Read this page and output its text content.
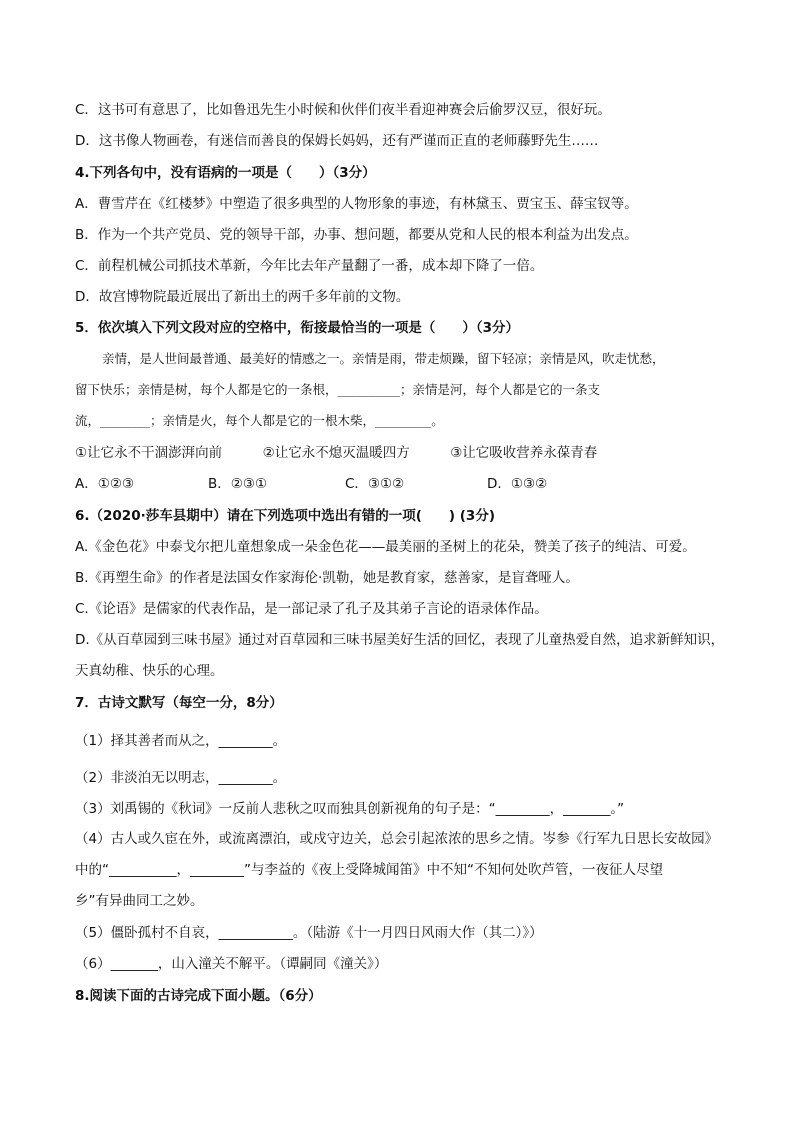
C．这书可有意思了，比如鲁迅先生小时候和伙伴们夜半看迎神赛会后偷罗汉豆，很好玩。
D．这书像人物画卷，有迷信而善良的保姆长妈妈，还有严谨而正直的老师藤野先生……
4.下列各句中，没有语病的一项是（　　）（3分）
A．曹雪芹在《红楼梦》中塑造了很多典型的人物形象的事迹，有林黛玉、贾宝玉、薛宝钗等。
B．作为一个共产党员、党的领导干部，办事、想问题，都要从党和人民的根本利益为出发点。
C．前程机械公司抓技术革新，今年比去年产量翻了一番，成本却下降了一倍。
D．故宫博物院最近展出了新出土的两千多年前的文物。
5．依次填入下列文段对应的空格中，衔接最恰当的一项是（　　）（3分）
亲情，是人世间最普通、最美好的情感之一。亲情是雨，带走烦躁，留下轻凉；亲情是风，吹走忧愁，
留下快乐；亲情是树，每个人都是它的一条根，__________；亲情是河，每个人都是它的一条支
流，________；亲情是火，每个人都是它的一根木柴，_________。
①让它永不干涸澎湃向前　　　②让它永不熄灭温暖四方　　　③让它吸收营养永葆青春
A．①②③	B．②③①	C．③①②	D．①③②
6.（2020·莎车县期中）请在下列选项中选出有错的一项(　　) (3分)
A.《金色花》中泰戈尔把儿童想象成一朵金色花——最美丽的圣树上的花朵，赞美了孩子的纯洁、可爱。
B.《再塑生命》的作者是法国女作家海伦·凯勒，她是教育家，慈善家，是盲聋哑人。
C.《论语》是儒家的代表作品，是一部记录了孔子及其弟子言论的语录体作品。
D.《从百草园到三味书屋》通过对百草园和三味书屋美好生活的回忆，表现了儿童热爱自然，追求新鲜知识，
天真幼稚、快乐的心理。
7．古诗文默写（每空一分，8分）
（1）择其善者而从之，________。
（2）非淡泊无以明志，________。
（3）刘禹锡的《秋词》一反前人悲秋之叹而独具创新视角的句子是：“________，_______。”
（4）古人或久宦在外，或流离漂泊，或戍守边关，总会引起浓浓的思乡之情。岑参《行军九日思长安故园》
中的“__________，________”与李益的《夜上受降城闻笛》中不知“不知何处吹芦管，一夜征人尽望
乡”有异曲同工之妙。
（5）僵卧孤村不自哀，___________。（陆游《十一月四日风雨大作（其二）》）
（6）_______，山入潼关不解平。（谭嗣同《潼关》）
8.阅读下面的古诗完成下面小题。（6分）
